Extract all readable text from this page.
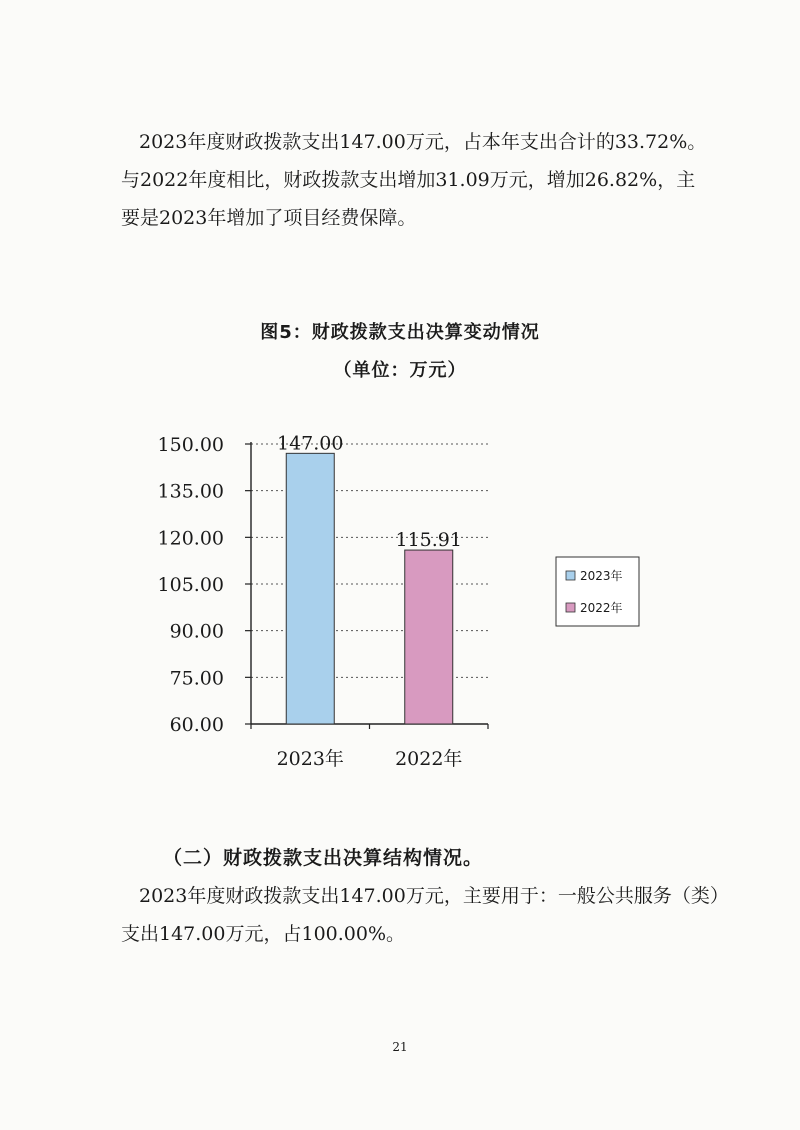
2023年度财政拨款支出147.00万元，占本年支出合计的33.72%。与2022年度相比，财政拨款支出增加31.09万元，增加26.82%，主要是2023年增加了项目经费保障。

图5：财政拨款支出决算变动情况
（单位：万元）
60.00
75.00
90.00
105.00
120.00
135.00
150.00	147.00
2023年
115.91
2022年
2023年
2022年

（二）财政拨款支出决算结构情况。

2023年度财政拨款支出147.00万元，主要用于：一般公共服务（类）支出147.00万元，占100.00%。

21
